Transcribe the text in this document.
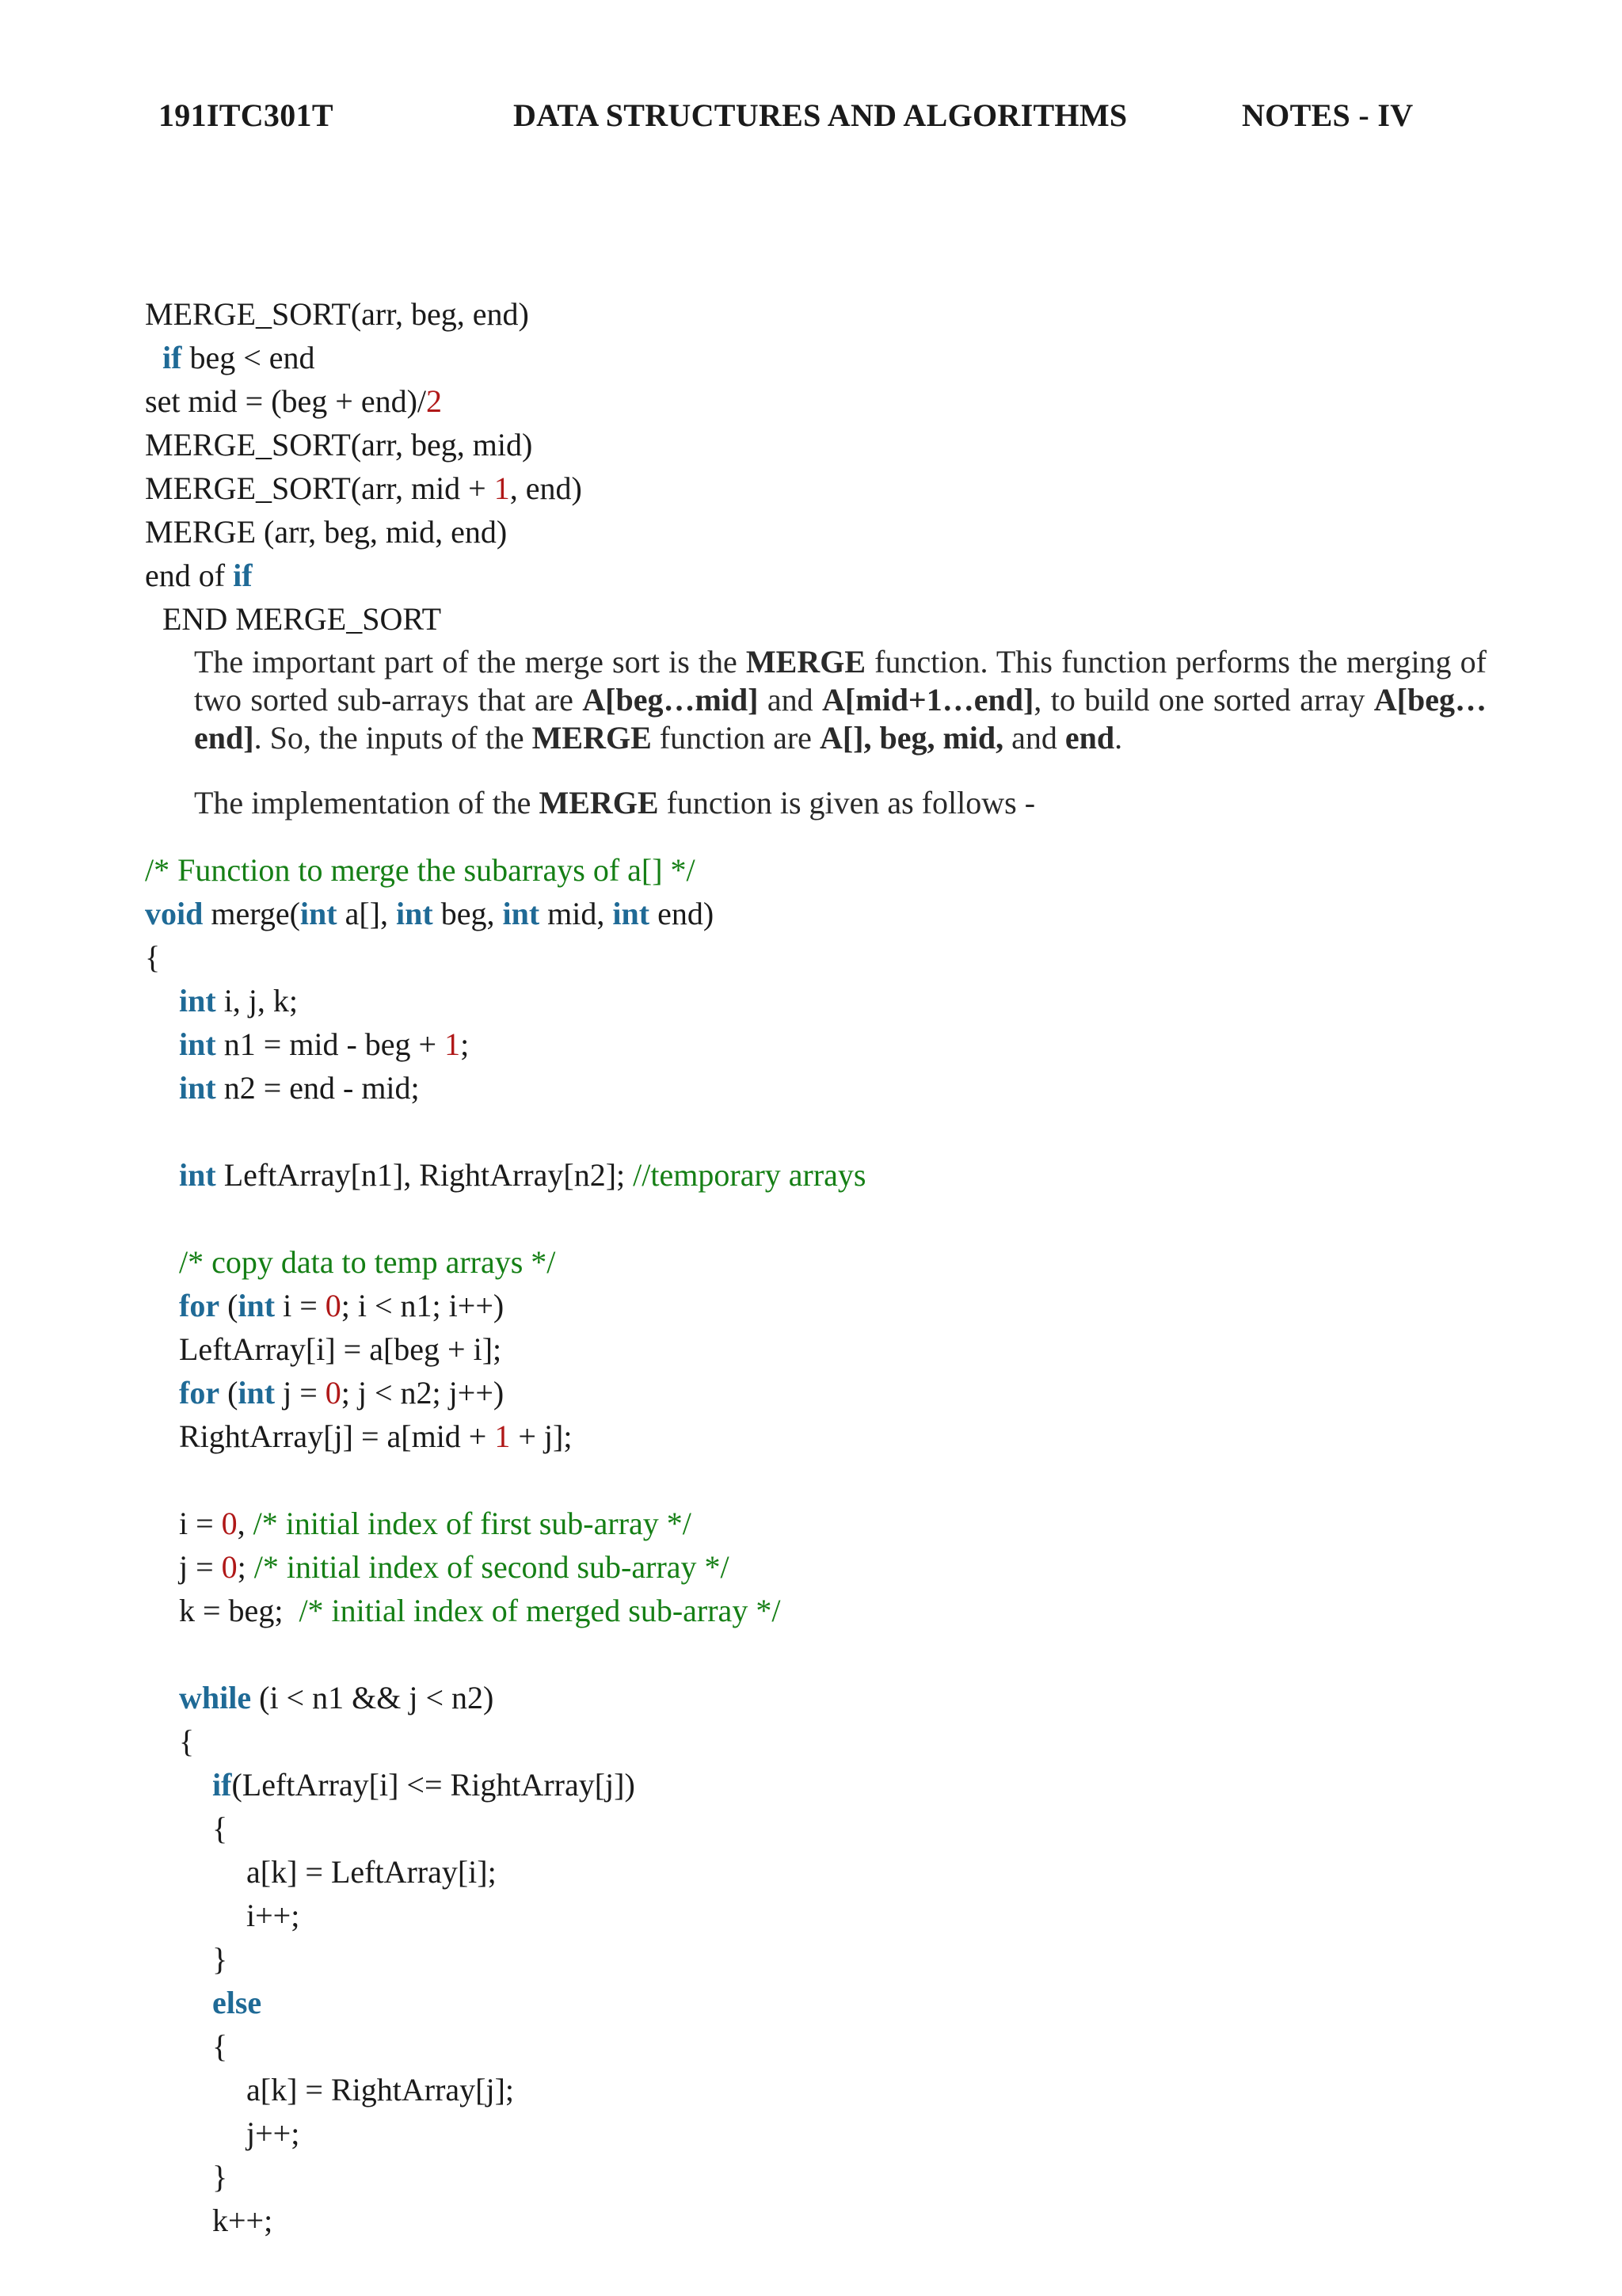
191ITC301T	DATA STRUCTURES AND ALGORITHMS	NOTES - IV
MERGE_SORT(arr, beg, end)
if beg < end
set mid = (beg + end)/2
MERGE_SORT(arr, beg, mid)
MERGE_SORT(arr, mid + 1, end)
MERGE (arr, beg, mid, end)
end of if
END MERGE_SORT
The important part of the merge sort is the MERGE function. This function performs the merging of two sorted sub-arrays that are A[beg…mid] and A[mid+1…end], to build one sorted array A[beg…end]. So, the inputs of the MERGE function are A[], beg, mid, and end.
The implementation of the MERGE function is given as follows -
/* Function to merge the subarrays of a[] */
void merge(int a[], int beg, int mid, int end)
{
int i, j, k;
int n1 = mid - beg + 1;
int n2 = end - mid;
int LeftArray[n1], RightArray[n2]; //temporary arrays
/* copy data to temp arrays */
for (int i = 0; i < n1; i++)
LeftArray[i] = a[beg + i];
for (int j = 0; j < n2; j++)
RightArray[j] = a[mid + 1 + j];
i = 0, /* initial index of first sub-array */
j = 0; /* initial index of second sub-array */
k = beg;  /* initial index of merged sub-array */
while (i < n1 && j < n2)
{
if(LeftArray[i] <= RightArray[j])
{
a[k] = LeftArray[i];
i++;
}
else
{
a[k] = RightArray[j];
j++;
}
k++;
